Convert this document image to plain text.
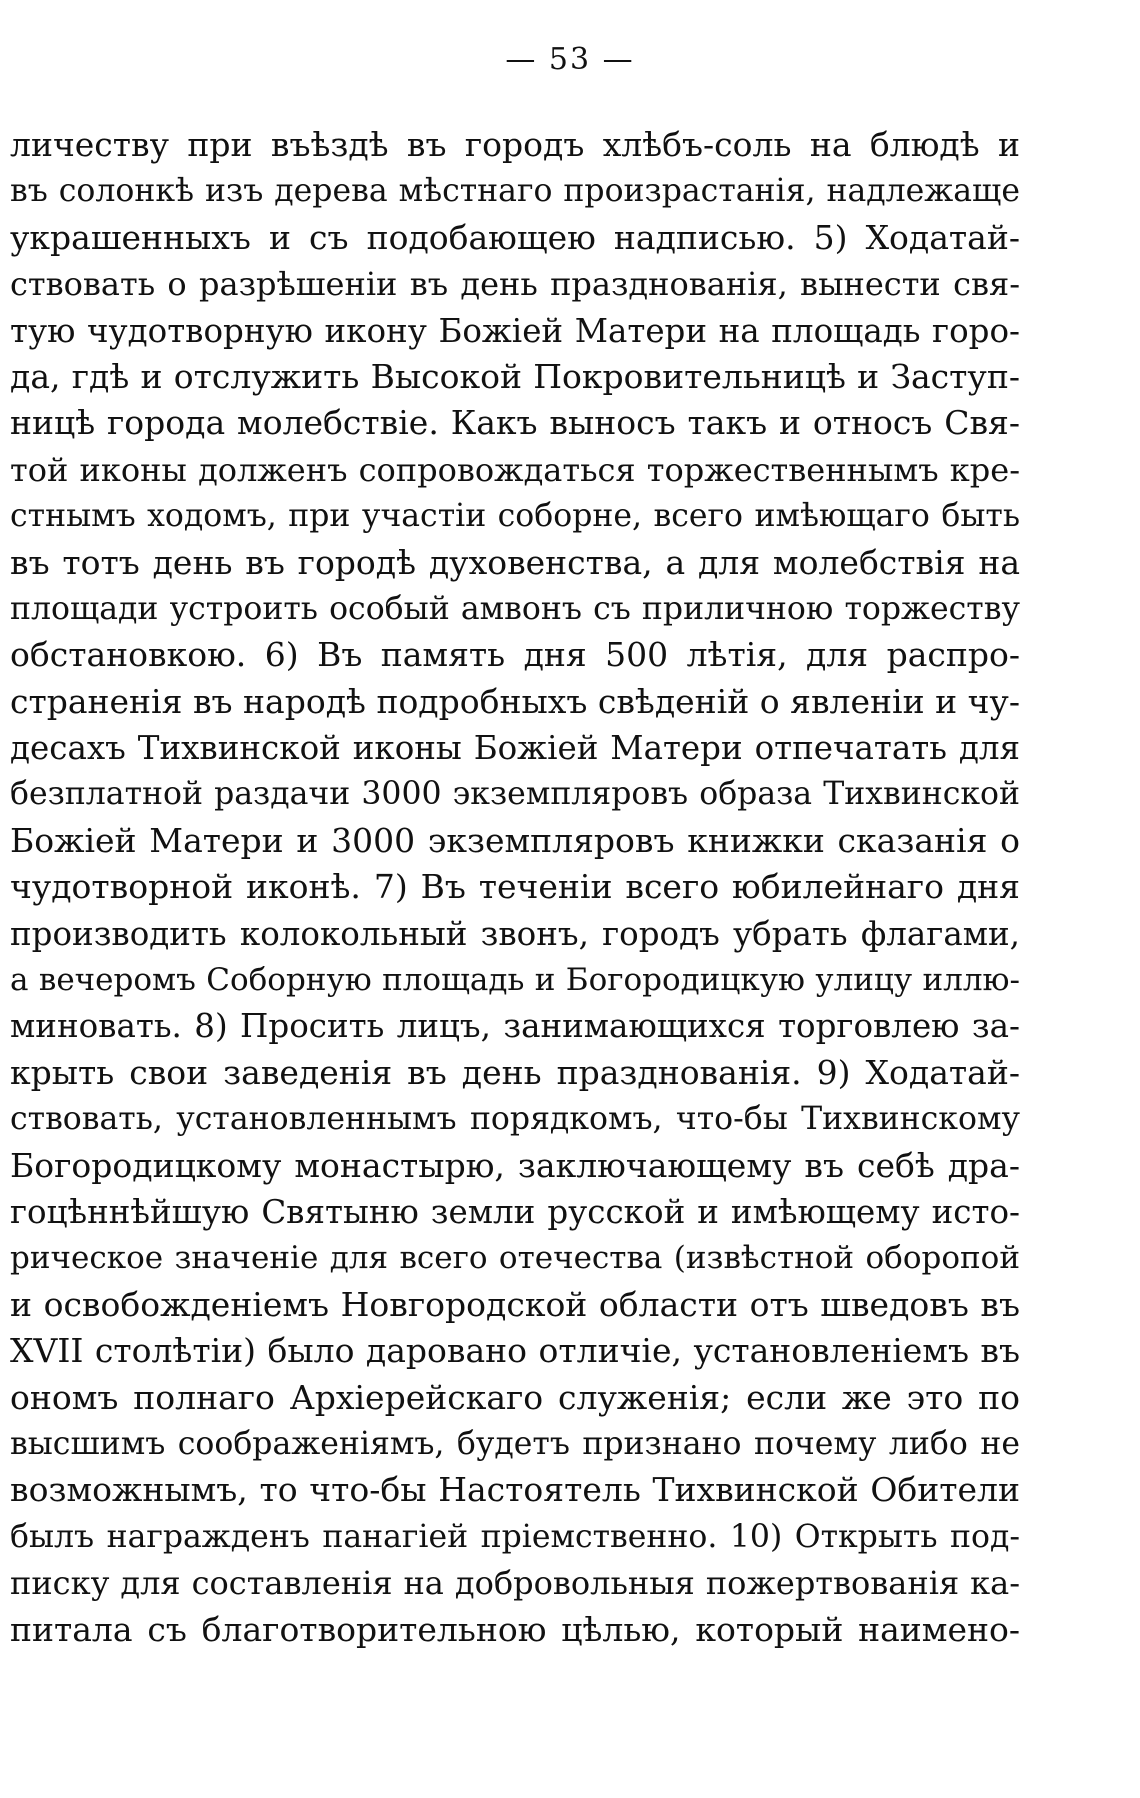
— 53 —
личеству при въѣздѣ въ городъ хлѣбъ-соль на блюдѣ и
въ солонкѣ изъ дерева мѣстнаго произрастанія, надлежаще
украшенныхъ и съ подобающею надписью. 5) Ходатай-
ствовать о разрѣшеніи въ день празднованія, вынести свя-
тую чудотворную икону Божіей Матери на площадь горо-
да, гдѣ и отслужить Высокой Покровительницѣ и Заступ-
ницѣ города молебствіе. Какъ выносъ такъ и относъ Свя-
той иконы долженъ сопровождаться торжественнымъ кре-
стнымъ ходомъ, при участіи соборне, всего имѣющаго быть
въ тотъ день въ городѣ духовенства, а для молебствія на
площади устроить особый амвонъ съ приличною торжеству
обстановкою. 6) Въ память дня 500 лѣтія, для распро-
страненія въ народѣ подробныхъ свѣденій о явленіи и чу-
десахъ Тихвинской иконы Божіей Матери отпечатать для
безплатной раздачи 3000 экземпляровъ образа Тихвинской
Божіей Матери и 3000 экземпляровъ книжки сказанія о
чудотворной иконѣ. 7) Въ теченіи всего юбилейнаго дня
производить колокольный звонъ, городъ убрать флагами,
а вечеромъ Соборную площадь и Богородицкую улицу иллю-
миновать. 8) Просить лицъ, занимающихся торговлею за-
крыть свои заведенія въ день празднованія. 9) Ходатай-
ствовать, установленнымъ порядкомъ, что-бы Тихвинскому
Богородицкому монастырю, заключающему въ себѣ дра-
гоцѣннѣйшую Святыню земли русской и имѣющему исто-
рическое значеніе для всего отечества (извѣстной оборопой
и освобожденіемъ Новгородской области отъ шведовъ въ
XVII столѣтіи) было даровано отличіе, установленіемъ въ
ономъ полнаго Архіерейскаго служенія; если же это по
высшимъ соображеніямъ, будетъ признано почему либо не
возможнымъ, то что-бы Настоятель Тихвинской Обители
былъ награжденъ панагіей пріемственно. 10) Открыть под-
писку для составленія на добровольныя пожертвованія ка-
питала съ благотворительною цѣлью, который наимено-
